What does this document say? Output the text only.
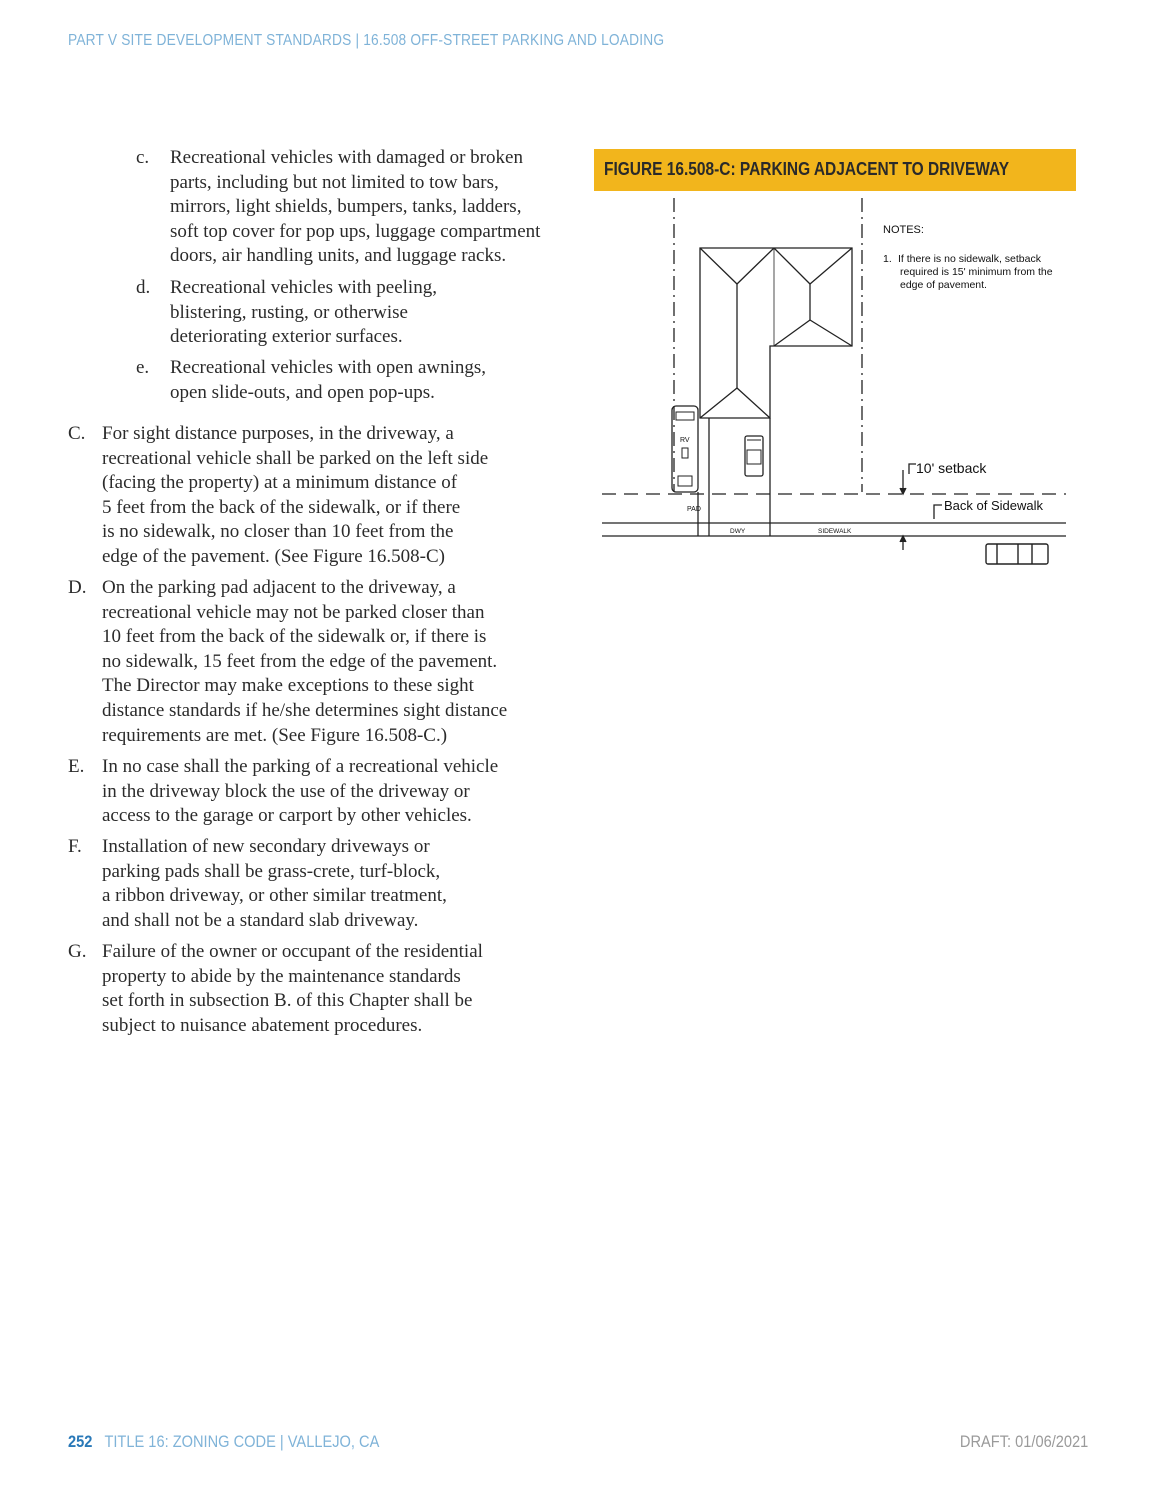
PART V SITE DEVELOPMENT STANDARDS | 16.508 OFF-STREET PARKING AND LOADING
c. Recreational vehicles with damaged or broken
parts, including but not limited to tow bars,
mirrors, light shields, bumpers, tanks, ladders,
soft top cover for pop ups, luggage compartment
doors, air handling units, and luggage racks.
d. Recreational vehicles with peeling,
blistering, rusting, or otherwise
deteriorating exterior surfaces.
e. Recreational vehicles with open awnings,
open slide-outs, and open pop-ups.
C. For sight distance purposes, in the driveway, a
recreational vehicle shall be parked on the left side
(facing the property) at a minimum distance of
5 feet from the back of the sidewalk, or if there
is no sidewalk, no closer than 10 feet from the
edge of the pavement. (See Figure 16.508-C)
D. On the parking pad adjacent to the driveway, a
recreational vehicle may not be parked closer than
10 feet from the back of the sidewalk or, if there is
no sidewalk, 15 feet from the edge of the pavement.
The Director may make exceptions to these sight
distance standards if he/she determines sight distance
requirements are met. (See Figure 16.508-C.)
E. In no case shall the parking of a recreational vehicle
in the driveway block the use of the driveway or
access to the garage or carport by other vehicles.
F. Installation of new secondary driveways or
parking pads shall be grass-crete, turf-block,
a ribbon driveway, or other similar treatment,
and shall not be a standard slab driveway.
G. Failure of the owner or occupant of the residential
property to abide by the maintenance standards
set forth in subsection B. of this Chapter shall be
subject to nuisance abatement procedures.
FIGURE 16.508-C: PARKING ADJACENT TO DRIVEWAY
NOTES:
1. If there is no sidewalk, setback
required is 15' minimum from the
edge of pavement.
10' setback
Back of Sidewalk
RV
PAD
DWY	SIDEWALK
252 TITLE 16: ZONING CODE | VALLEJO, CA	DRAFT: 01/06/2021
